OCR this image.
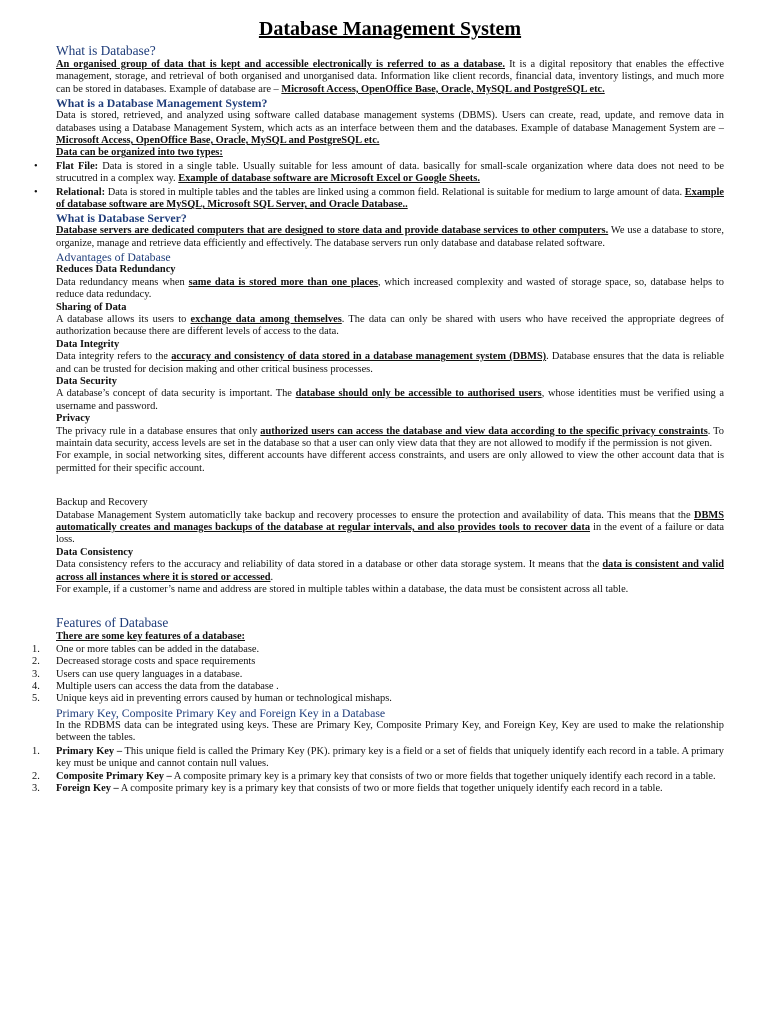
Database Management System
What is Database?

An organised group of data that is kept and accessible electronically is referred to as a database. It is a digital repository that enables the effective management, storage, and retrieval of both organised and unorganised data. Information like client records, financial data, inventory listings, and much more can be stored in databases. Example of database are – Microsoft Access, OpenOffice Base, Oracle, MySQL and PostgreSQL etc.

What is a Database Management System?

Data is stored, retrieved, and analyzed using software called database management systems (DBMS). Users can create, read, update, and remove data in databases using a Database Management System, which acts as an interface between them and the databases. Example of database Management System are – Microsoft Access, OpenOffice Base, Oracle, MySQL and PostgreSQL etc.

Data can be organized into two types:

• Flat File: Data is stored in a single table. Usually suitable for less amount of data. basically for small-scale organization where data does not need to be strucutred in a complex way. Example of database software are Microsoft Excel or Google Sheets.

• Relational: Data is stored in multiple tables and the tables are linked using a common field. Relational is suitable for medium to large amount of data. Example of database software are MySQL, Microsoft SQL Server, and Oracle Database..

What is Database Server?

Database servers are dedicated computers that are designed to store data and provide database services to other computers. We use a database to store, organize, manage and retrieve data efficiently and effectively. The database servers run only database and database related software.

Advantages of Database
Reduces Data Redundancy

Data redundancy means when same data is stored more than one places, which increased complexity and wasted of storage space, so, database helps to reduce data redundacy.

Sharing of Data

A database allows its users to exchange data among themselves. The data can only be shared with users who have received the appropriate degrees of authorization because there are different levels of access to the data.

Data Integrity

Data integrity refers to the accuracy and consistency of data stored in a database management system (DBMS). Database ensures that the data is reliable and can be trusted for decision making and other critical business processes.

Data Security

A database’s concept of data security is important. The database should only be accessible to authorised users, whose identities must be verified using a username and password.

Privacy

The privacy rule in a database ensures that only authorized users can access the database and view data according to the specific privacy constraints. To maintain data security, access levels are set in the database so that a user can only view data that they are not allowed to modify if the permission is not given.

For example, in social networking sites, different accounts have different access constraints, and users are only allowed to view the other account data that is permitted for their specific account.

Backup and Recovery

Database Management System automaticlly take backup and recovery processes to ensure the protection and availability of data. This means that the DBMS automatically creates and manages backups of the database at regular intervals, and also provides tools to recover data in the event of a failure or data loss.

Data Consistency

Data consistency refers to the accuracy and reliability of data stored in a database or other data storage system. It means that the data is consistent and valid across all instances where it is stored or accessed.

For example, if a customer’s name and address are stored in multiple tables within a database, the data must be consistent across all table.

Features of Database
There are some key features of a database:

1. One or more tables can be added in the database.

2. Decreased storage costs and space requirements

3. Users can use query languages in a database.

4. Multiple users can access the data from the database .

5. Unique keys aid in preventing errors caused by human or technological mishaps.

Primary Key, Composite Primary Key and Foreign Key in a Database

In the RDBMS data can be integrated using keys. These are Primary Key, Composite Primary Key, and Foreign Key, Key are used to make the relationship between the tables.

1. Primary Key – This unique field is called the Primary Key (PK). primary key is a field or a set of fields that uniquely identify each record in a table. A primary key must be unique and cannot contain null values.

2. Composite Primary Key – A composite primary key is a primary key that consists of two or more fields that together uniquely identify each record in a table.

3. Foreign Key – A composite primary key is a primary key that consists of two or more fields that together uniquely identify each record in a table.
